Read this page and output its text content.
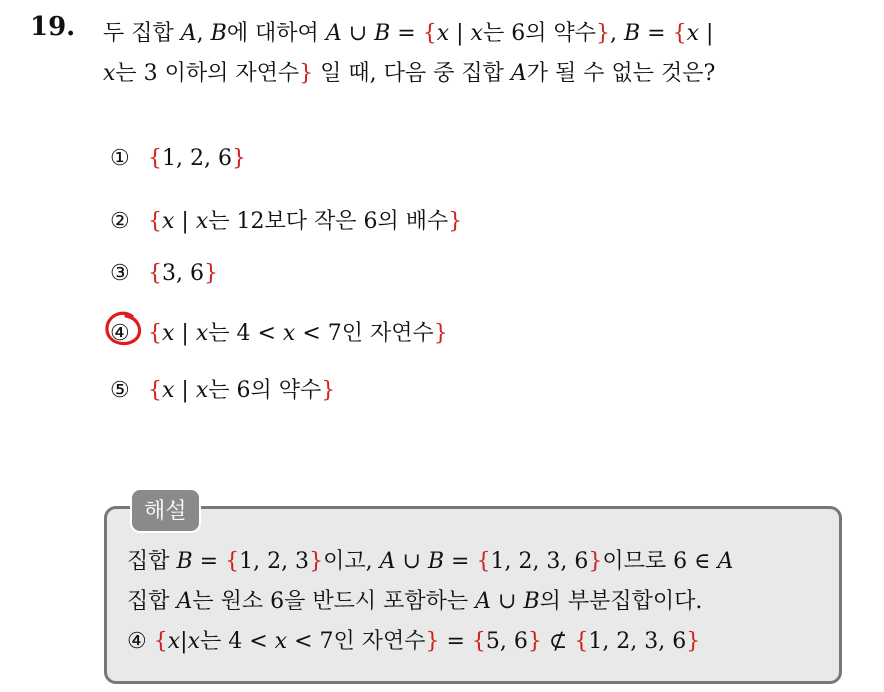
19. 두 집합 A, B에 대하여 A ∪ B = {x | x는 6의 약수}, B = {x |
x는 3 이하의 자연수} 일 때, 다음 중 집합 A가 될 수 없는 것은?
① {1, 2, 6}
② {x | x는 12보다 작은 6의 배수}
③ {3, 6}
④ {x | x는 4 < x < 7인 자연수}
⑤ {x | x는 6의 약수}
해설
집합 B = {1, 2, 3}이고, A ∪ B = {1, 2, 3, 6}이므로 6 ∈ A
집합 A는 원소 6을 반드시 포함하는 A ∪ B의 부분집합이다.
④ {x|x는 4 < x < 7인 자연수} = {5, 6} ⊄ {1, 2, 3, 6}
